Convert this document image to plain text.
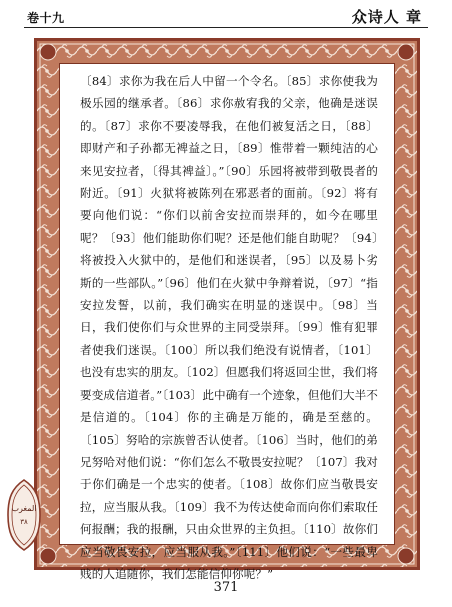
卷十九	众诗人 章

〔84〕求你为我在后人中留一个令名。〔85〕求你使我为极乐园的继承者。〔86〕求你赦宥我的父亲，他确是迷误的。〔87〕求你不要凌辱我，在他们被复活之日，〔88〕即财产和子孙都无裨益之日，〔89〕惟带着一颗纯洁的心来见安拉者，〔得其裨益〕。”〔90〕乐园将被带到敬畏者的附近。〔91〕火狱将被陈列在邪恶者的面前。〔92〕将有要向他们说：“你们以前舍安拉而崇拜的，如今在哪里呢？〔93〕他们能助你们呢？还是他们能自助呢？〔94〕将被投入火狱中的，是他们和迷误者，〔95〕以及易卜劣斯的一些部队。”〔96〕他们在火狱中争辩着说，〔97〕“指安拉发誓，以前，我们确实在明显的迷误中。〔98〕当日，我们使你们与众世界的主同受崇拜。〔99〕惟有犯罪者使我们迷误。〔100〕所以我们绝没有说情者，〔101〕也没有忠实的朋友。〔102〕但愿我们将返回尘世，我们将要变成信道者。”〔103〕此中确有一个迹象，但他们大半不是信道的。〔104〕你的主确是万能的，确是至慈的。〔105〕努哈的宗族曾否认使者。〔106〕当时，他们的弟兄努哈对他们说：“你们怎么不敬畏安拉呢？〔107〕我对于你们确是一个忠实的使者。〔108〕故你们应当敬畏安拉，应当服从我。〔109〕我不为传达使命而向你们索取任何报酬；我的报酬，只由众世界的主负担。〔110〕故你们应当敬畏安拉，应当服从我。”〔111〕他们说：“一些最卑贱的人追随你，我们怎能信仰你呢？”

المغرب
٣٨
371
